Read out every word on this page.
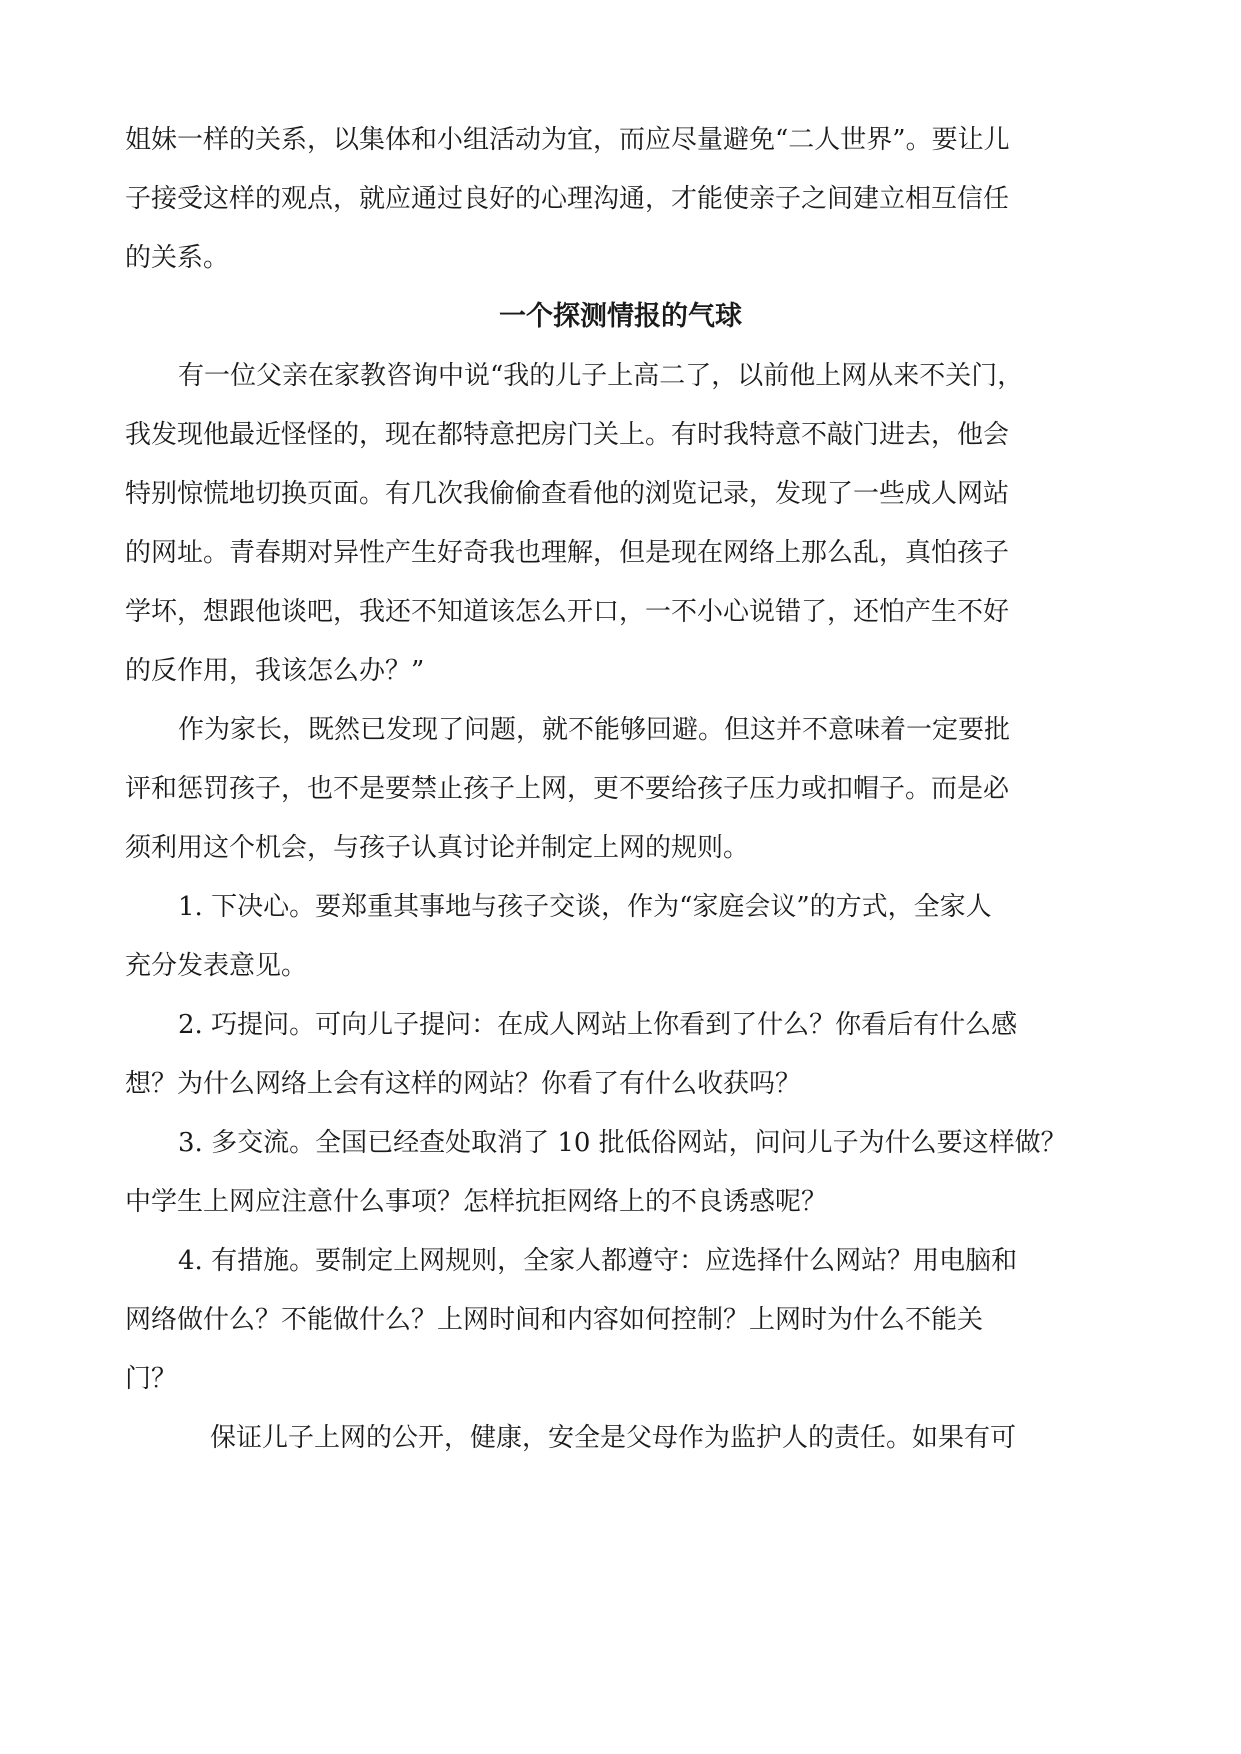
姐妹一样的关系，以集体和小组活动为宜，而应尽量避免“二人世界”。要让儿
子接受这样的观点，就应通过良好的心理沟通，才能使亲子之间建立相互信任
的关系。
一个探测情报的气球
有一位父亲在家教咨询中说“我的儿子上高二了，以前他上网从来不关门，
我发现他最近怪怪的，现在都特意把房门关上。有时我特意不敲门进去，他会
特别惊慌地切换页面。有几次我偷偷查看他的浏览记录，发现了一些成人网站
的网址。青春期对异性产生好奇我也理解，但是现在网络上那么乱，真怕孩子
学坏，想跟他谈吧，我还不知道该怎么开口，一不小心说错了，还怕产生不好
的反作用，我该怎么办？”
作为家长，既然已发现了问题，就不能够回避。但这并不意味着一定要批
评和惩罚孩子，也不是要禁止孩子上网，更不要给孩子压力或扣帽子。而是必
须利用这个机会，与孩子认真讨论并制定上网的规则。
1. 下决心。要郑重其事地与孩子交谈，作为“家庭会议”的方式，全家人
充分发表意见。
2. 巧提问。可向儿子提问：在成人网站上你看到了什么？你看后有什么感
想？为什么网络上会有这样的网站？你看了有什么收获吗？
3. 多交流。全国已经查处取消了 10 批低俗网站，问问儿子为什么要这样做？
中学生上网应注意什么事项？怎样抗拒网络上的不良诱惑呢？
4. 有措施。要制定上网规则，全家人都遵守：应选择什么网站？用电脑和
网络做什么？不能做什么？上网时间和内容如何控制？上网时为什么不能关
门？
保证儿子上网的公开，健康，安全是父母作为监护人的责任。如果有可
